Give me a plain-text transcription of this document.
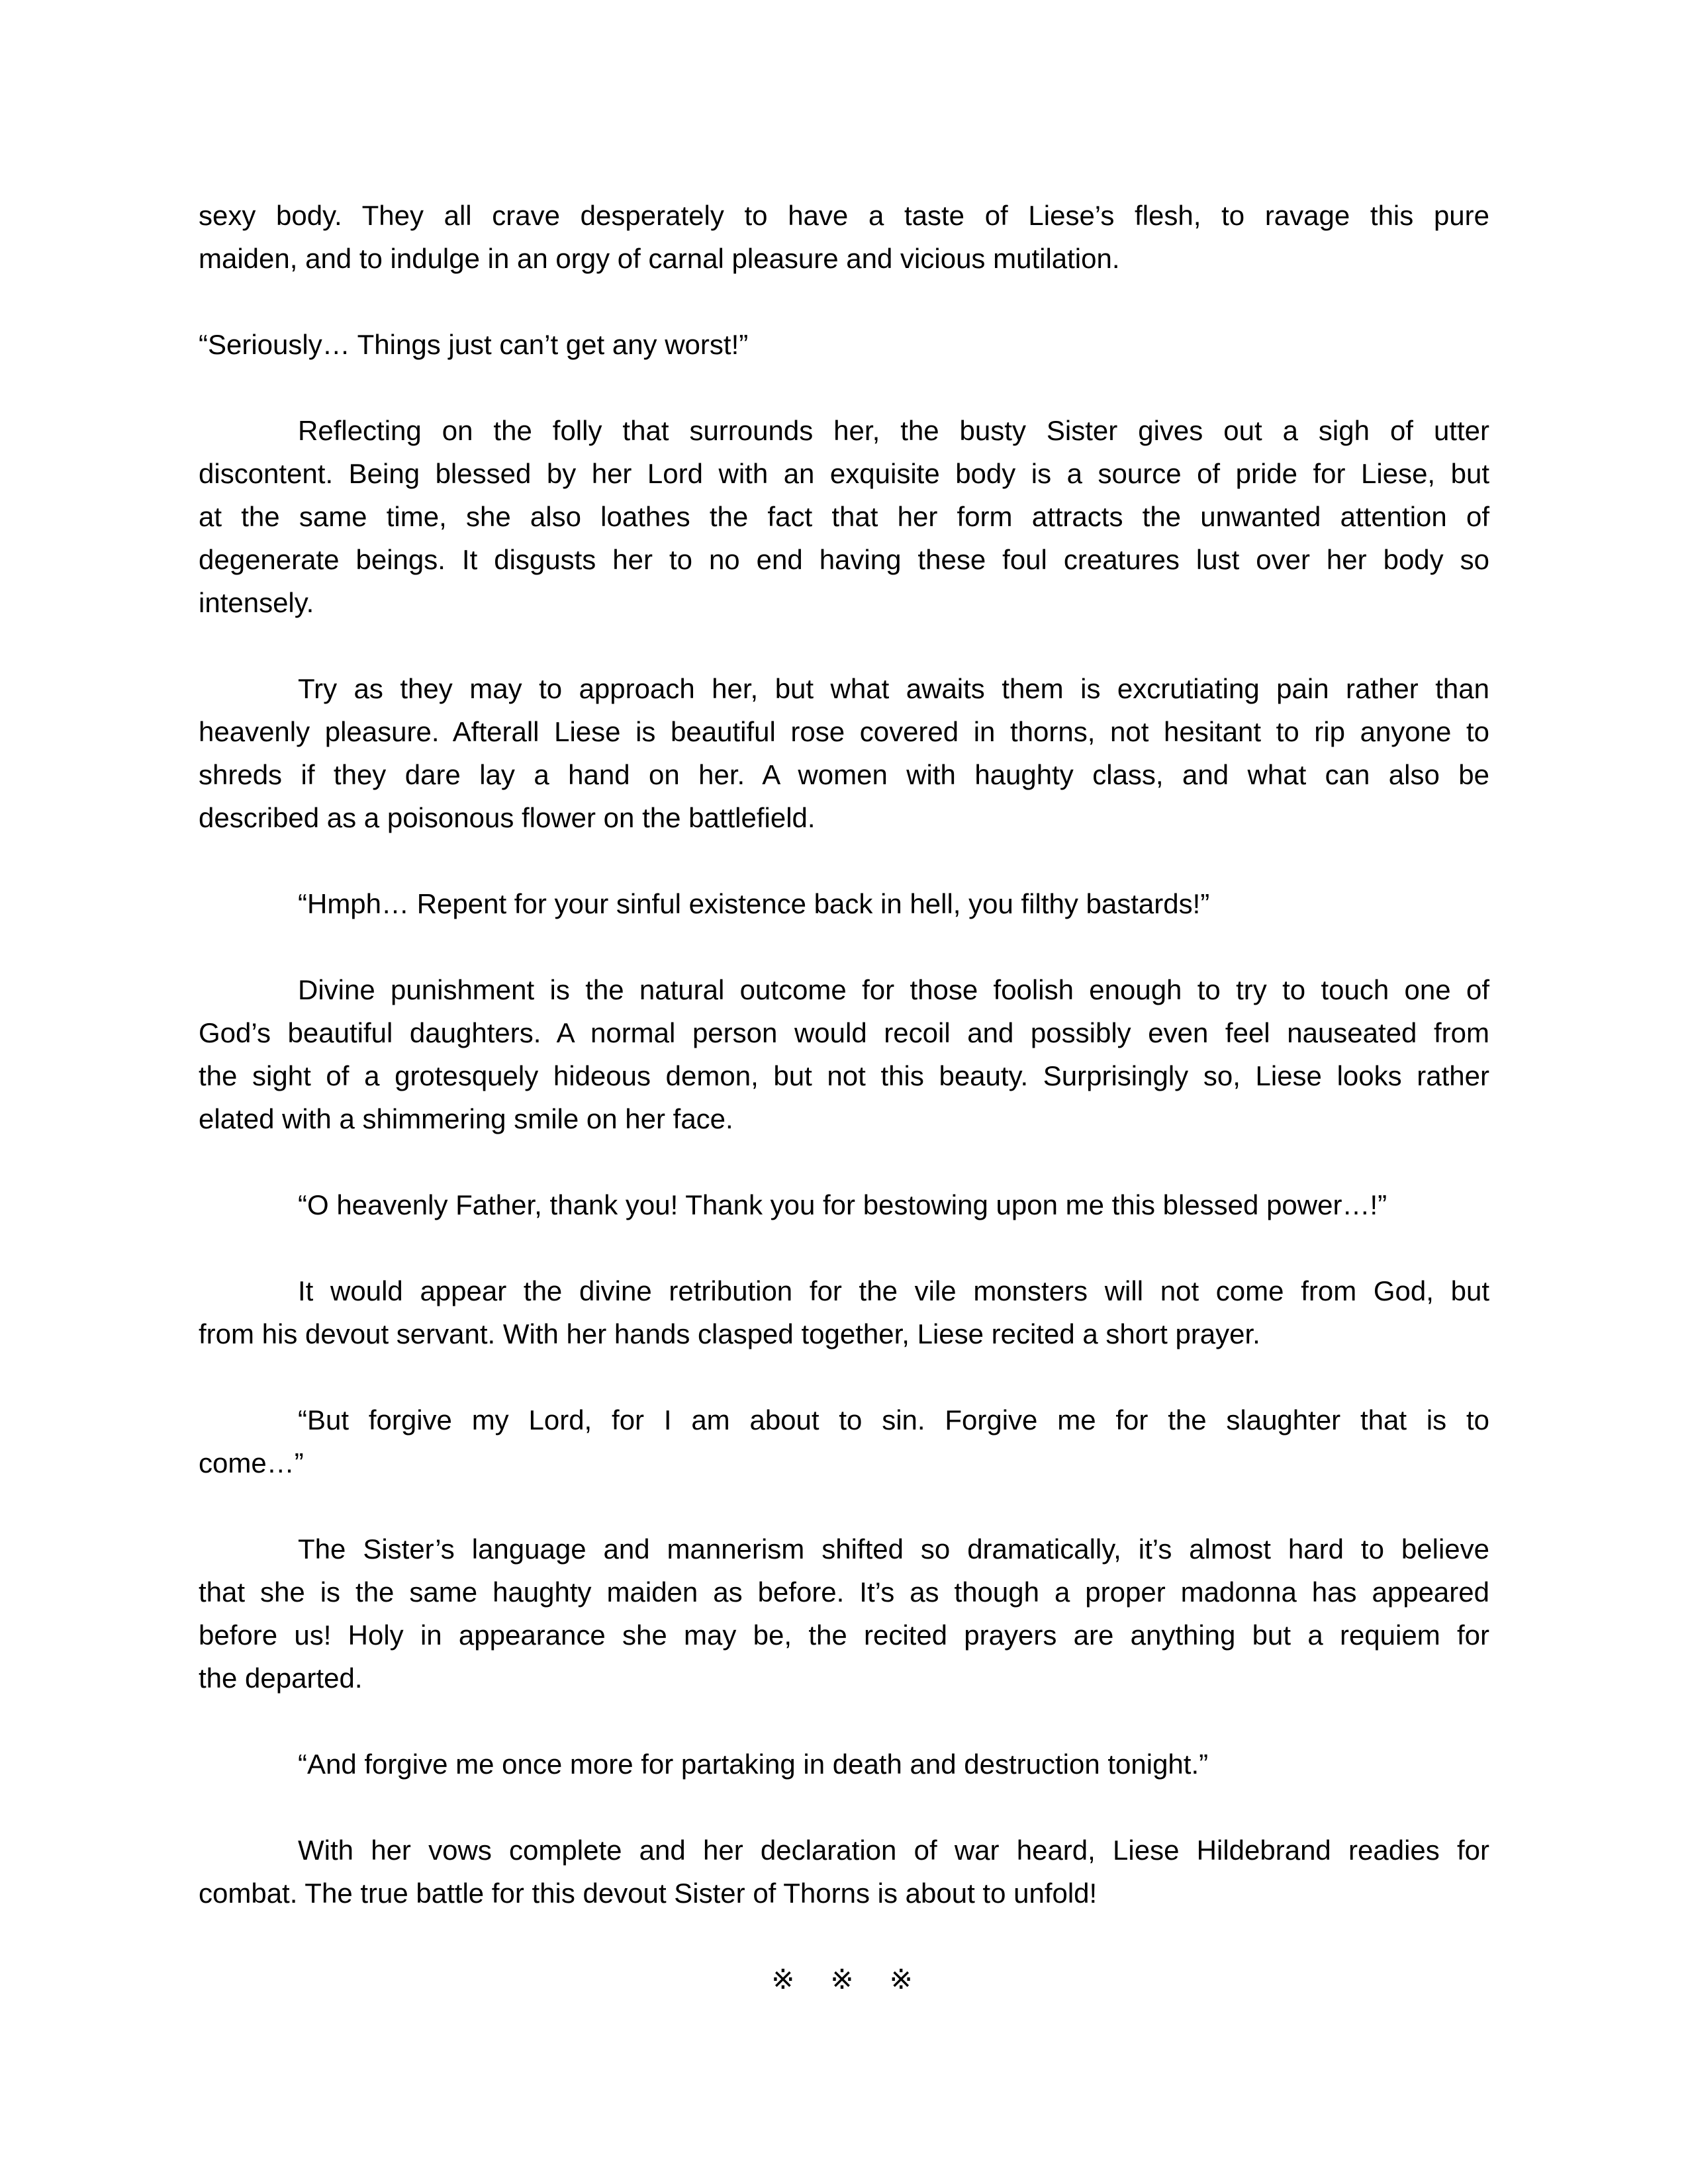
sexy body. They all crave desperately to have a taste of Liese’s flesh, to ravage this pure
maiden, and to indulge in an orgy of carnal pleasure and vicious mutilation.
“Seriously… Things just can’t get any worst!”
Reflecting on the folly that surrounds her, the busty Sister gives out a sigh of utter
discontent. Being blessed by her Lord with an exquisite body is a source of pride for Liese, but
at the same time, she also loathes the fact that her form attracts the unwanted attention of
degenerate beings. It disgusts her to no end having these foul creatures lust over her body so
intensely.
Try as they may to approach her, but what awaits them is excrutiating pain rather than
heavenly pleasure. Afterall Liese is beautiful rose covered in thorns, not hesitant to rip anyone to
shreds if they dare lay a hand on her. A women with haughty class, and what can also be
described as a poisonous flower on the battlefield.
“Hmph… Repent for your sinful existence back in hell, you filthy bastards!”
Divine punishment is the natural outcome for those foolish enough to try to touch one of
God’s beautiful daughters. A normal person would recoil and possibly even feel nauseated from
the sight of a grotesquely hideous demon, but not this beauty. Surprisingly so, Liese looks rather
elated with a shimmering smile on her face.
“O heavenly Father, thank you! Thank you for bestowing upon me this blessed power…!”
It would appear the divine retribution for the vile monsters will not come from God, but
from his devout servant. With her hands clasped together, Liese recited a short prayer.
“But forgive my Lord, for I am about to sin. Forgive me for the slaughter that is to
come…”
The Sister’s language and mannerism shifted so dramatically, it’s almost hard to believe
that she is the same haughty maiden as before. It’s as though a proper madonna has appeared
before us! Holy in appearance she may be, the recited prayers are anything but a requiem for
the departed.
“And forgive me once more for partaking in death and destruction tonight.”
With her vows complete and her declaration of war heard, Liese Hildebrand readies for
combat. The true battle for this devout Sister of Thorns is about to unfold!
※　※　※
